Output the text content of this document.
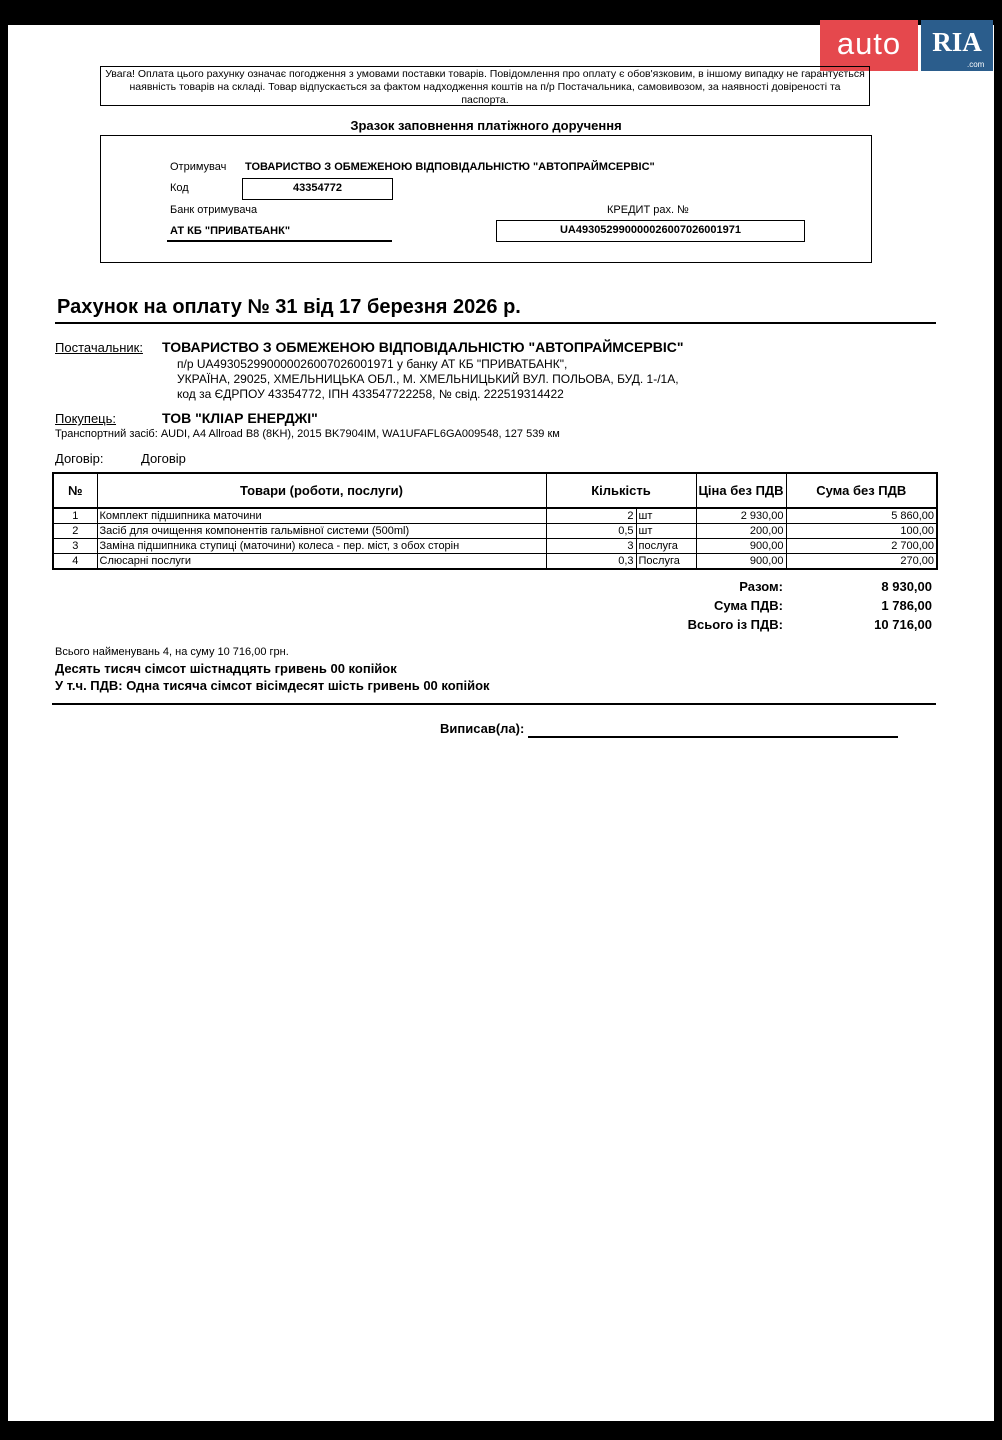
auto	RIA
.com
Увага! Оплата цього рахунку означає погодження з умовами поставки товарів. Повідомлення про оплату є обов'язковим, в іншому випадку не гарантується наявність товарів на складі. Товар відпускається за фактом надходження коштів на п/р Постачальника, самовивозом, за наявності довіреності та паспорта.
Зразок заповнення платіжного доручення
Отримувач ТОВАРИСТВО З ОБМЕЖЕНОЮ ВІДПОВІДАЛЬНІСТЮ "АВТОПРАЙМСЕРВІС"
Код	43354772
Банк отримувача
АТ КБ "ПРИВАТБАНК"
КРЕДИТ рах. №
UA493052990000026007026001971
Рахунок на оплату № 31 від 17 березня 2026 р.
Постачальник: ТОВАРИСТВО З ОБМЕЖЕНОЮ ВІДПОВІДАЛЬНІСТЮ "АВТОПРАЙМСЕРВІС"
п/р UA493052990000026007026001971 у банку АТ КБ "ПРИВАТБАНК",
УКРАЇНА, 29025, ХМЕЛЬНИЦЬКА ОБЛ., М. ХМЕЛЬНИЦЬКИЙ ВУЛ. ПОЛЬОВА, БУД. 1-/1А,
код за ЄДРПОУ 43354772, ІПН 433547722258, № свід. 222519314422
Покупець:	ТОВ "КЛІАР ЕНЕРДЖІ"
Транспортний засіб: AUDI, A4 Allroad B8 (8KH), 2015 BK7904IM, WA1UFAFL6GA009548, 127 539 км
Договір:	Договір
№	Товари (роботи, послуги)	Кількість		Ціна без ПДВ	Сума без ПДВ
1	Комплект підшипника маточини	2	шт	2 930,00	5 860,00
2	Засіб для очищення компонентів гальмівної системи (500ml)	0,5	шт	200,00	100,00
3	Заміна підшипника ступиці (маточини) колеса - пер. міст, з обох сторін	3	послуга	900,00	2 700,00
4	Слюсарні послуги	0,3	Послуга	900,00	270,00
Разом:	8 930,00
Сума ПДВ:	1 786,00
Всього із ПДВ:	10 716,00
Всього найменувань 4, на суму 10 716,00 грн.
Десять тисяч сімсот шістнадцять гривень 00 копійок
У т.ч. ПДВ: Одна тисяча сімсот вісімдесят шість гривень 00 копійок
Виписав(ла):
